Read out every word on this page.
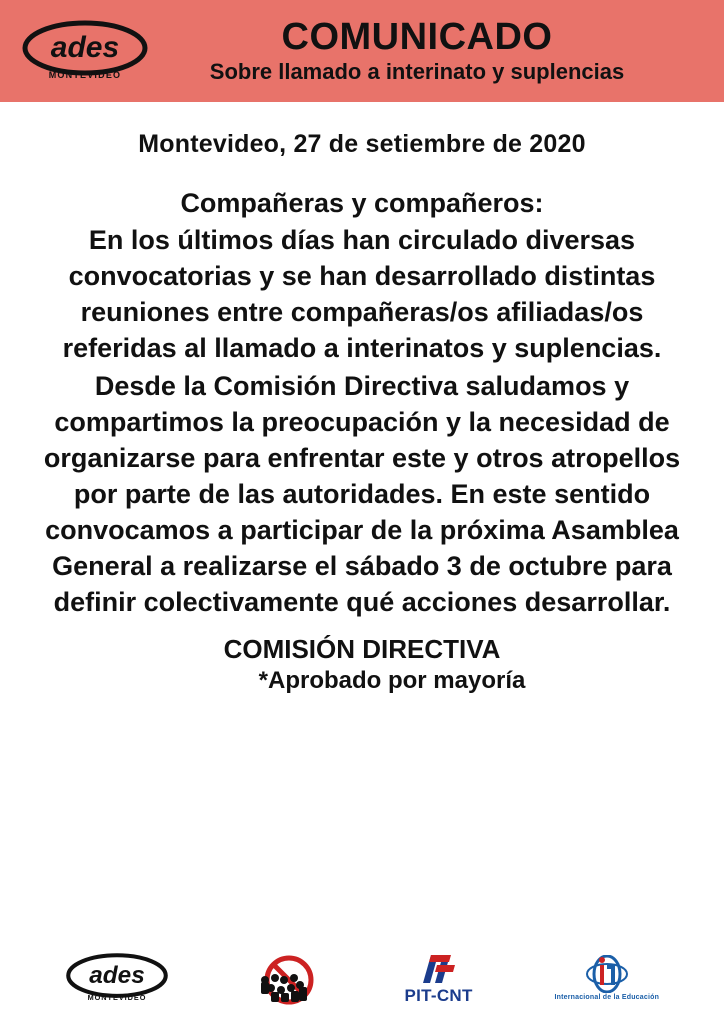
ades
MONTEVIDEO
COMUNICADO
Sobre llamado a interinato y suplencias
Montevideo, 27 de setiembre de 2020
Compañeras y compañeros:

En los últimos días han circulado diversas convocatorias y se han desarrollado distintas reuniones entre compañeras/os afiliadas/os referidas al llamado a interinatos y suplencias.

Desde la Comisión Directiva saludamos y compartimos la preocupación y la necesidad de organizarse para enfrentar este y otros atropellos por parte de las autoridades. En este sentido convocamos a participar de la próxima Asamblea General a realizarse el sábado 3 de octubre para definir colectivamente qué acciones desarrollar.

COMISIÓN DIRECTIVA
*Aprobado por mayoría
ades
MONTEVIDEO	PIT-CNT	Internacional de la Educación
